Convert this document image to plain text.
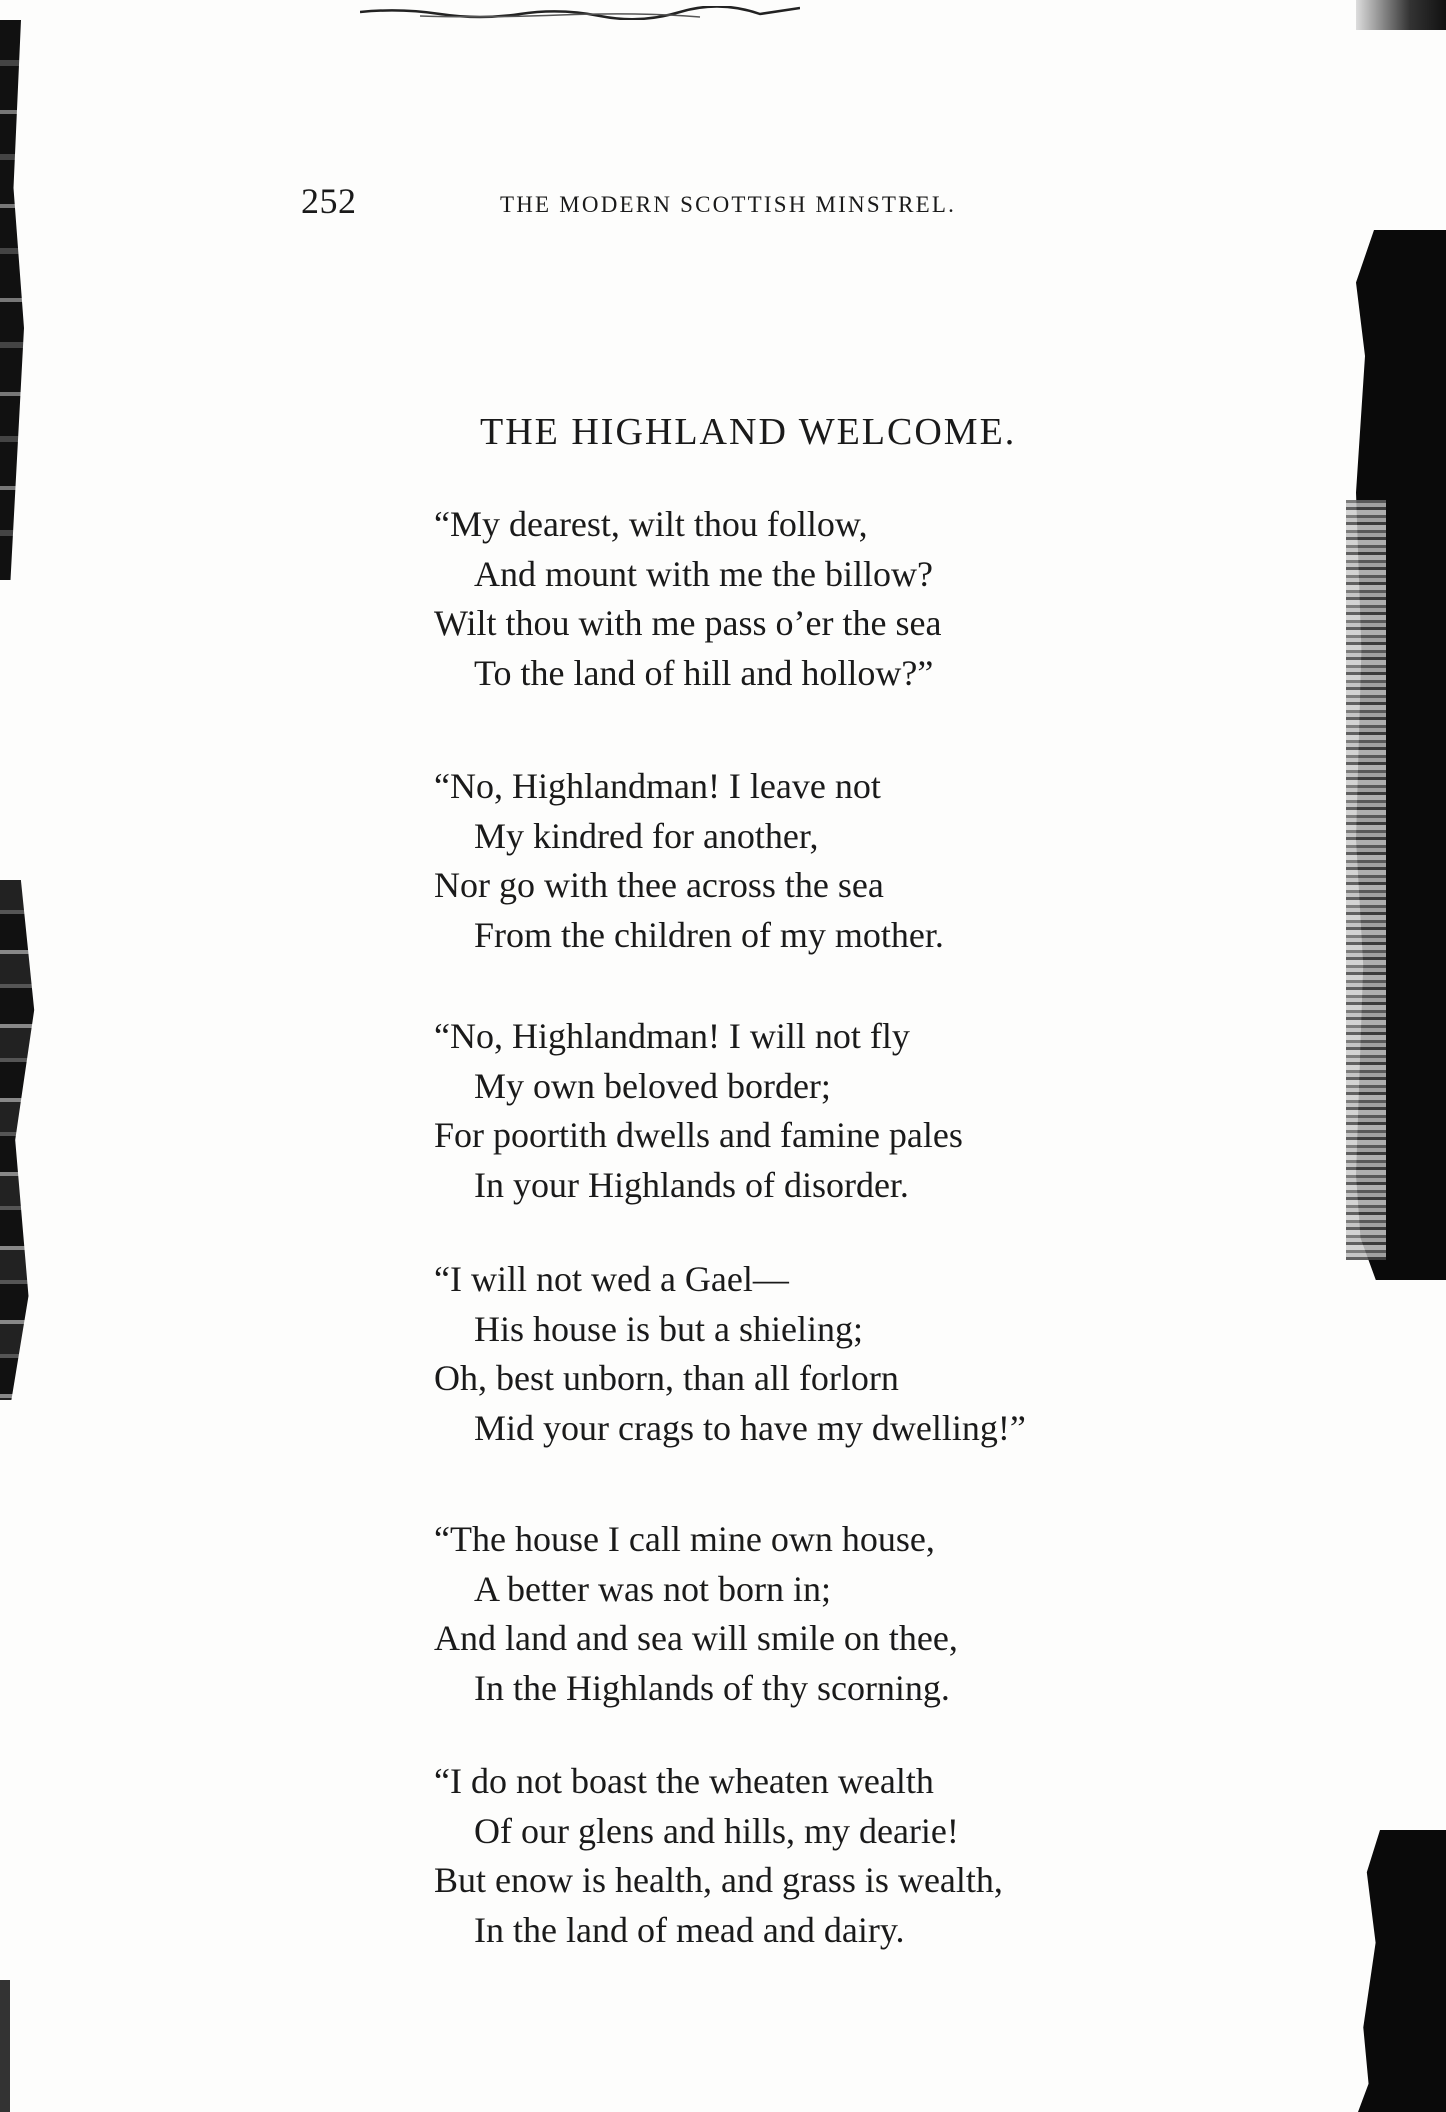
252	THE MODERN SCOTTISH MINSTREL.
THE HIGHLAND WELCOME.
“My dearest, wilt thou follow,
And mount with me the billow?
Wilt thou with me pass o’er the sea
To the land of hill and hollow?”
“No, Highlandman! I leave not
My kindred for another,
Nor go with thee across the sea
From the children of my mother.
“No, Highlandman! I will not fly
My own beloved border;
For poortith dwells and famine pales
In your Highlands of disorder.
“I will not wed a Gael—
His house is but a shieling;
Oh, best unborn, than all forlorn
Mid your crags to have my dwelling!”
“The house I call mine own house,
A better was not born in;
And land and sea will smile on thee,
In the Highlands of thy scorning.
“I do not boast the wheaten wealth
Of our glens and hills, my dearie!
But enow is health, and grass is wealth,
In the land of mead and dairy.
